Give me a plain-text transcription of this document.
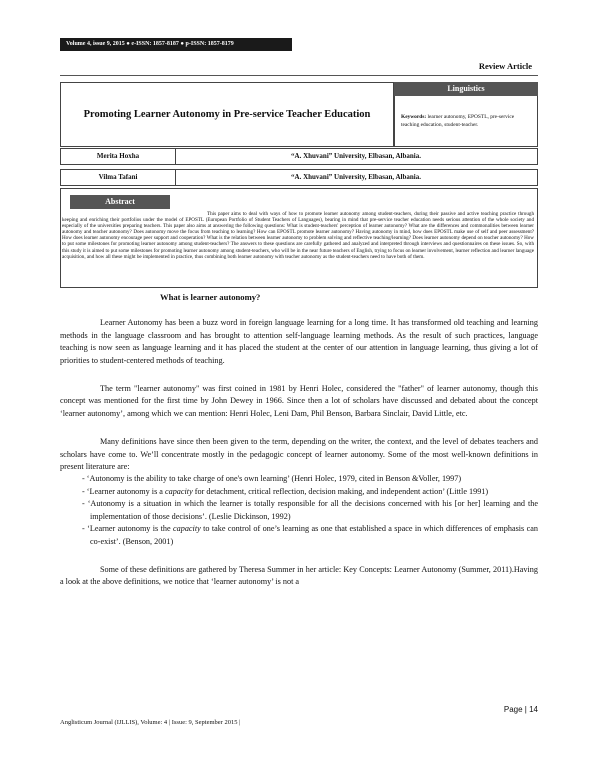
Volume 4, issue 9, 2015 ● e-ISSN: 1857-8187 ● p-ISSN: 1857-8179
Review Article
Promoting Learner Autonomy in Pre-service Teacher Education
Linguistics
Keywords: learner autonomy, EPOSTL, pre-service teaching education, student-teacher.
Merita Hoxha	“A. Xhuvani” University, Elbasan, Albania.
Vilma Tafani	“A. Xhuvani” University, Elbasan, Albania.
Abstract
This paper aims to deal with ways of how to promote learner autonomy among student-teachers, during their passive and active teaching practice through keeping and enriching their portfolios under the model of EPOSTL (European Portfolio of Student Teachers of Languages), bearing in mind that pre-service teacher education needs serious attention of the whole society and especially of the universities preparing teachers. This paper also aims at answering the following questions: What is student-teachers' perception of learner autonomy? What are the differences and commonalities between learner autonomy and teacher autonomy? Does autonomy move the focus from teaching to learning? How can EPOSTL promote learner autonomy? Having autonomy in mind, how does EPOSTL make use of self and peer assessment? How does learner autonomy encourage peer support and cooperation? What is the relation between learner autonomy to problem solving and reflective teaching/learning? Does learner autonomy depend on teacher autonomy? How to put some milestones for promoting learner autonomy among student-teachers? The answers to these questions are carefully gathered and analyzed and interpreted through interviews and questionnaires on these issues. So, with this study it is aimed to put some milestones for promoting learner autonomy among student-teachers, who will be in the near future teachers of English, trying to focus on learner involvement, learner reflection and learner language acquisition, and how all these might be implemented in practice, thus combining both learner autonomy with teacher autonomy as the student-teachers need to have both of them.
What is learner autonomy?

Learner Autonomy has been a buzz word in foreign language learning for a long time. It has transformed old teaching and learning methods in the language classroom and has brought to attention self-language learning methods. As the result of such practices, language teaching is now seen as language learning and it has placed the student at the center of our attention in language learning, thus giving a lot of priorities to student-centered methods of teaching.

The term "learner autonomy" was first coined in 1981 by Henri Holec, considered the "father" of learner autonomy, though this concept was mentioned for the first time by John Dewey in 1966. Since then a lot of scholars have discussed and debated about the concept ‘learner autonomy’, among which we can mention: Henri Holec, Leni Dam, Phil Benson, Barbara Sinclair, David Little, etc.

Many definitions have since then been given to the term, depending on the writer, the context, and the level of debates teachers and scholars have come to. We’ll concentrate mostly in the pedagogic concept of learner autonomy. Some of the most well-known definitions in present literature are:

- ‘Autonomy is the ability to take charge of one's own learning’ (Henri Holec, 1979, cited in Benson &Voller, 1997)
- ‘Learner autonomy is a capacity for detachment, critical reflection, decision making, and independent action’ (Little 1991)
- ‘Autonomy is a situation in which the learner is totally responsible for all the decisions concerned with his [or her] learning and the implementation of those decisions’. (Leslie Dickinson, 1992)
- ‘Learner autonomy is the capacity to take control of one’s learning as one that established a space in which differences of emphasis can co-exist’. (Benson, 2001)

Some of these definitions are gathered by Theresa Summer in her article: Key Concepts: Learner Autonomy (Summer, 2011).Having a look at the above definitions, we notice that ‘learner autonomy’ is not a

Page | 14
Anglisticum Journal (IJLLIS), Volume: 4 | Issue: 9, September 2015 |
